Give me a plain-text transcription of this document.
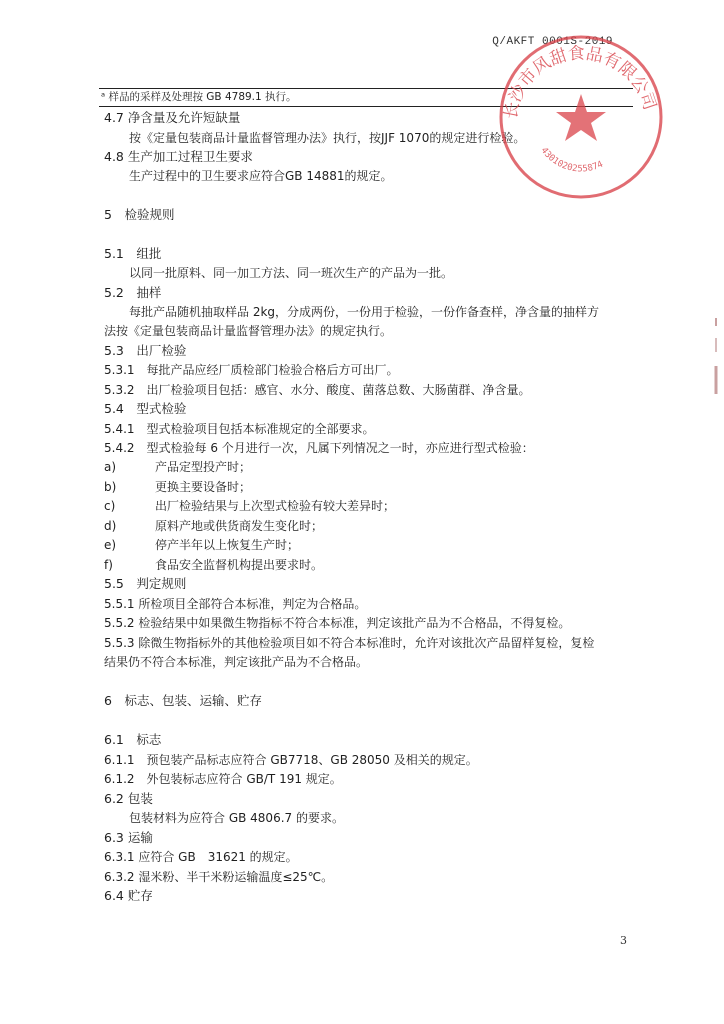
Q/AKFT 0001S-2019
ᵃ 样品的采样及处理按 GB 4789.1 执行。
4.7 净含量及允许短缺量
按《定量包装商品计量监督管理办法》执行，按JJF 1070的规定进行检验。
4.8 生产加工过程卫生要求
生产过程中的卫生要求应符合GB 14881的规定。
5　检验规则
5.1　组批
以同一批原料、同一加工方法、同一班次生产的产品为一批。
5.2　抽样
每批产品随机抽取样品 2kg，分成两份，一份用于检验，一份作备查样，净含量的抽样方
法按《定量包装商品计量监督管理办法》的规定执行。
5.3　出厂检验
5.3.1　每批产品应经厂质检部门检验合格后方可出厂。
5.3.2　出厂检验项目包括：感官、水分、酸度、菌落总数、大肠菌群、净含量。
5.4　型式检验
5.4.1　型式检验项目包括本标准规定的全部要求。
5.4.2　型式检验每 6 个月进行一次，凡属下列情况之一时，亦应进行型式检验：
a)	产品定型投产时；
b)	更换主要设备时；
c)	出厂检验结果与上次型式检验有较大差异时；
d)	原料产地或供货商发生变化时；
e)	停产半年以上恢复生产时；
f)	食品安全监督机构提出要求时。
5.5　判定规则
5.5.1 所检项目全部符合本标准，判定为合格品。
5.5.2 检验结果中如果微生物指标不符合本标准，判定该批产品为不合格品，不得复检。
5.5.3 除微生物指标外的其他检验项目如不符合本标准时，允许对该批次产品留样复检，复检
结果仍不符合本标准，判定该批产品为不合格品。
6　标志、包装、运输、贮存
6.1　标志
6.1.1　预包装产品标志应符合 GB7718、GB 28050 及相关的规定。
6.1.2　外包装标志应符合 GB/T 191 规定。
6.2 包装
包装材料为应符合 GB 4806.7 的要求。
6.3 运输
6.3.1 应符合 GB　31621 的规定。
6.3.2 湿米粉、半干米粉运输温度≤25℃。
6.4 贮存
3
长沙市风甜食品有限公司
4301020255874
